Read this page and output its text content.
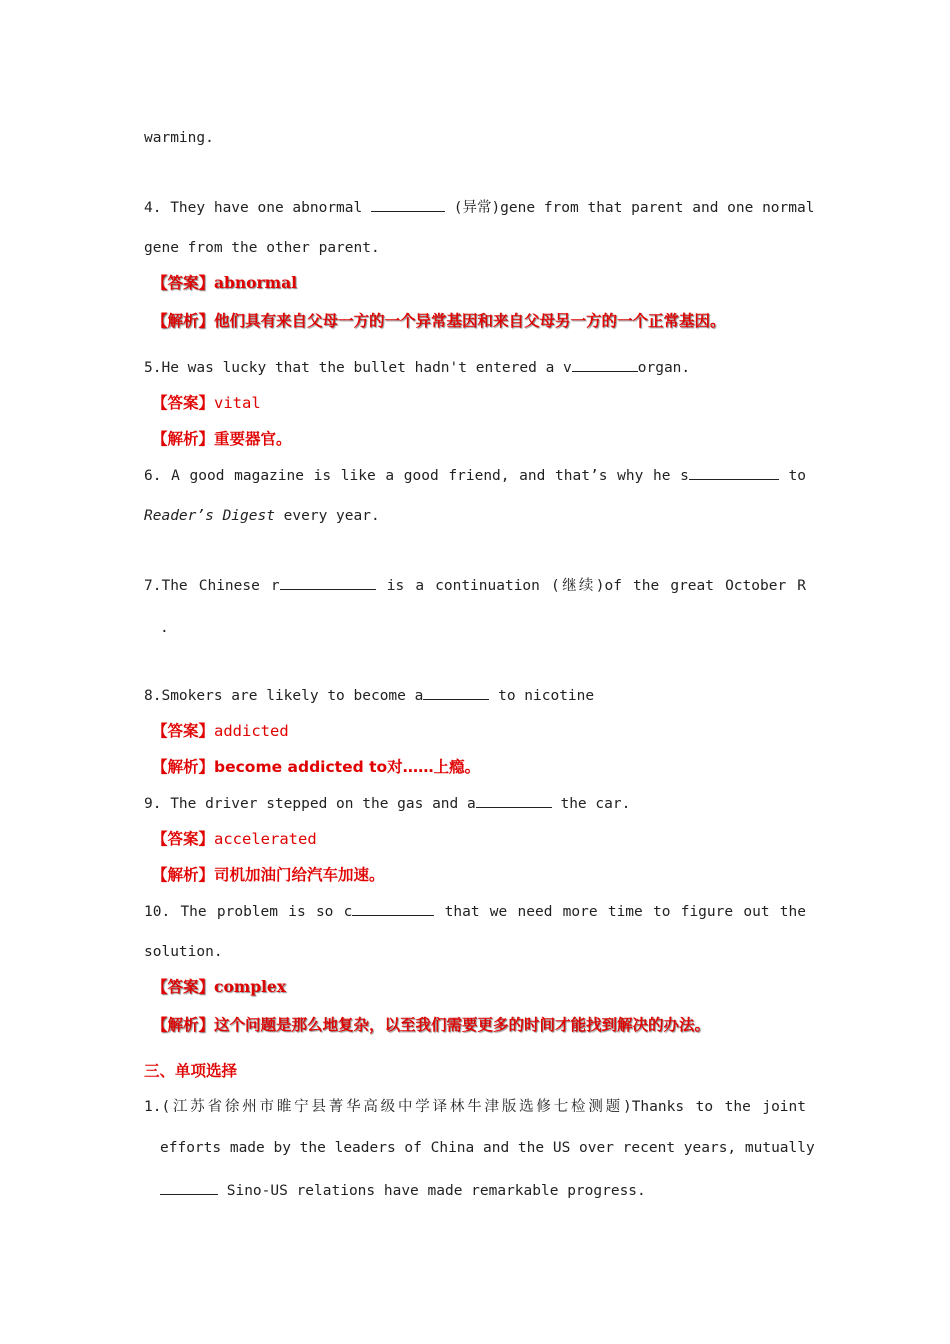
warming.
4. They have one abnormal	(异常)gene from that parent and one normal
gene from the other parent.
【答案】abnormal
【解析】他们具有来自父母一方的一个异常基因和来自父母另一方的一个正常基因。
5.He was lucky that the bullet hadn't entered a v	organ.
【答案】vital
【解析】重要器官。
6. A good magazine is like a good friend, and that’s why he s	to
Reader’s Digest every year.
7.The Chinese r	is a continuation (继续)of the great October R
.
8.Smokers are likely to become a	to nicotine
【答案】addicted
【解析】become addicted to对……上瘾。
9. The driver stepped on the gas and a	the car.
【答案】accelerated
【解析】司机加油门给汽车加速。
10. The problem is so c	that we need more time to figure out the
solution.
【答案】complex
【解析】这个问题是那么地复杂，以至我们需要更多的时间才能找到解决的办法。
三、单项选择
1.(江苏省徐州市睢宁县菁华高级中学译林牛津版选修七检测题)Thanks to the joint
efforts made by the leaders of China and the US over recent years, mutually
Sino-US relations have made remarkable progress.
